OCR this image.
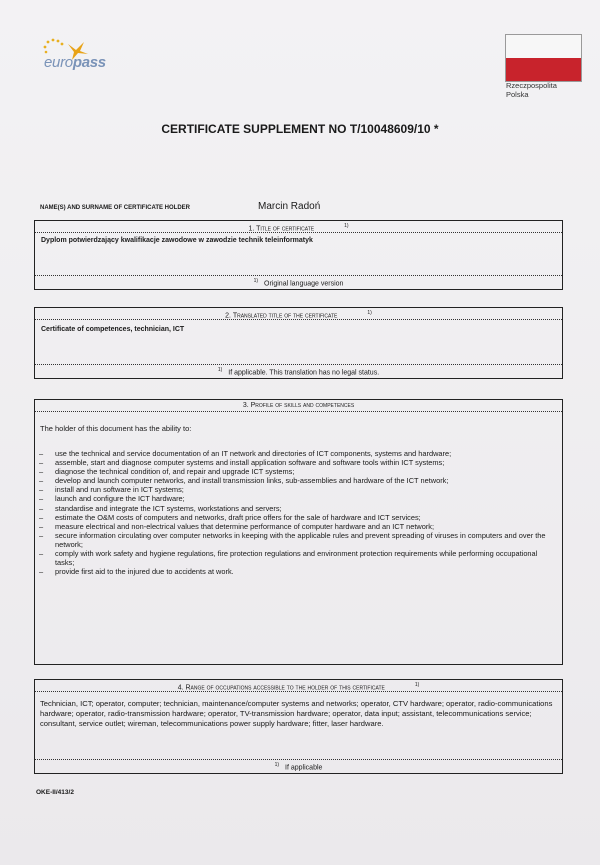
europass
Rzeczpospolita
Polska
CERTIFICATE SUPPLEMENT NO T/10048609/10 *
NAME(S) AND SURNAME OF CERTIFICATE HOLDER	Marcin Radoń
1. Title of certificate	$^{1)}$
Dyplom potwierdzający kwalifikacje zawodowe w zawodzie technik teleinformatyk
$^{1)}$ Original language version
2. Translated title of the certificate	$^{1)}$
Certificate of competences, technician, ICT
$^{1)}$ If applicable. This translation has no legal status.
3. Profile of skills and competences
The holder of this document has the ability to:
– use the technical and service documentation of an IT network and directories of ICT components, systems and hardware;
– assemble, start and diagnose computer systems and install application software and software tools within ICT systems;
– diagnose the technical condition of, and repair and upgrade ICT systems;
– develop and launch computer networks, and install transmission links, sub-assemblies and hardware of the ICT network;
– install and run software in ICT systems;
– launch and configure the ICT hardware;
– standardise and integrate the ICT systems, workstations and servers;
– estimate the O&M costs of computers and networks, draft price offers for the sale of hardware and ICT services;
– measure electrical and non-electrical values that determine performance of computer hardware and an ICT network;
– secure information circulating over computer networks in keeping with the applicable rules and prevent spreading of viruses in computers and over the network;
– comply with work safety and hygiene regulations, fire protection regulations and environment protection requirements while performing occupational tasks;
– provide first aid to the injured due to accidents at work.
4. Range of occupations accessible to the holder of this certificate	$^{1)}$
Technician, ICT; operator, computer; technician, maintenance/computer systems and networks; operator, CTV hardware; operator, radio-communications hardware; operator, radio-transmission hardware; operator, TV-transmission hardware; operator, data input; assistant, telecommunications service; consultant, service outlet; wireman, telecommunications power supply hardware; fitter, laser hardware.
$^{1)}$ If applicable
OKE-II/413/2
